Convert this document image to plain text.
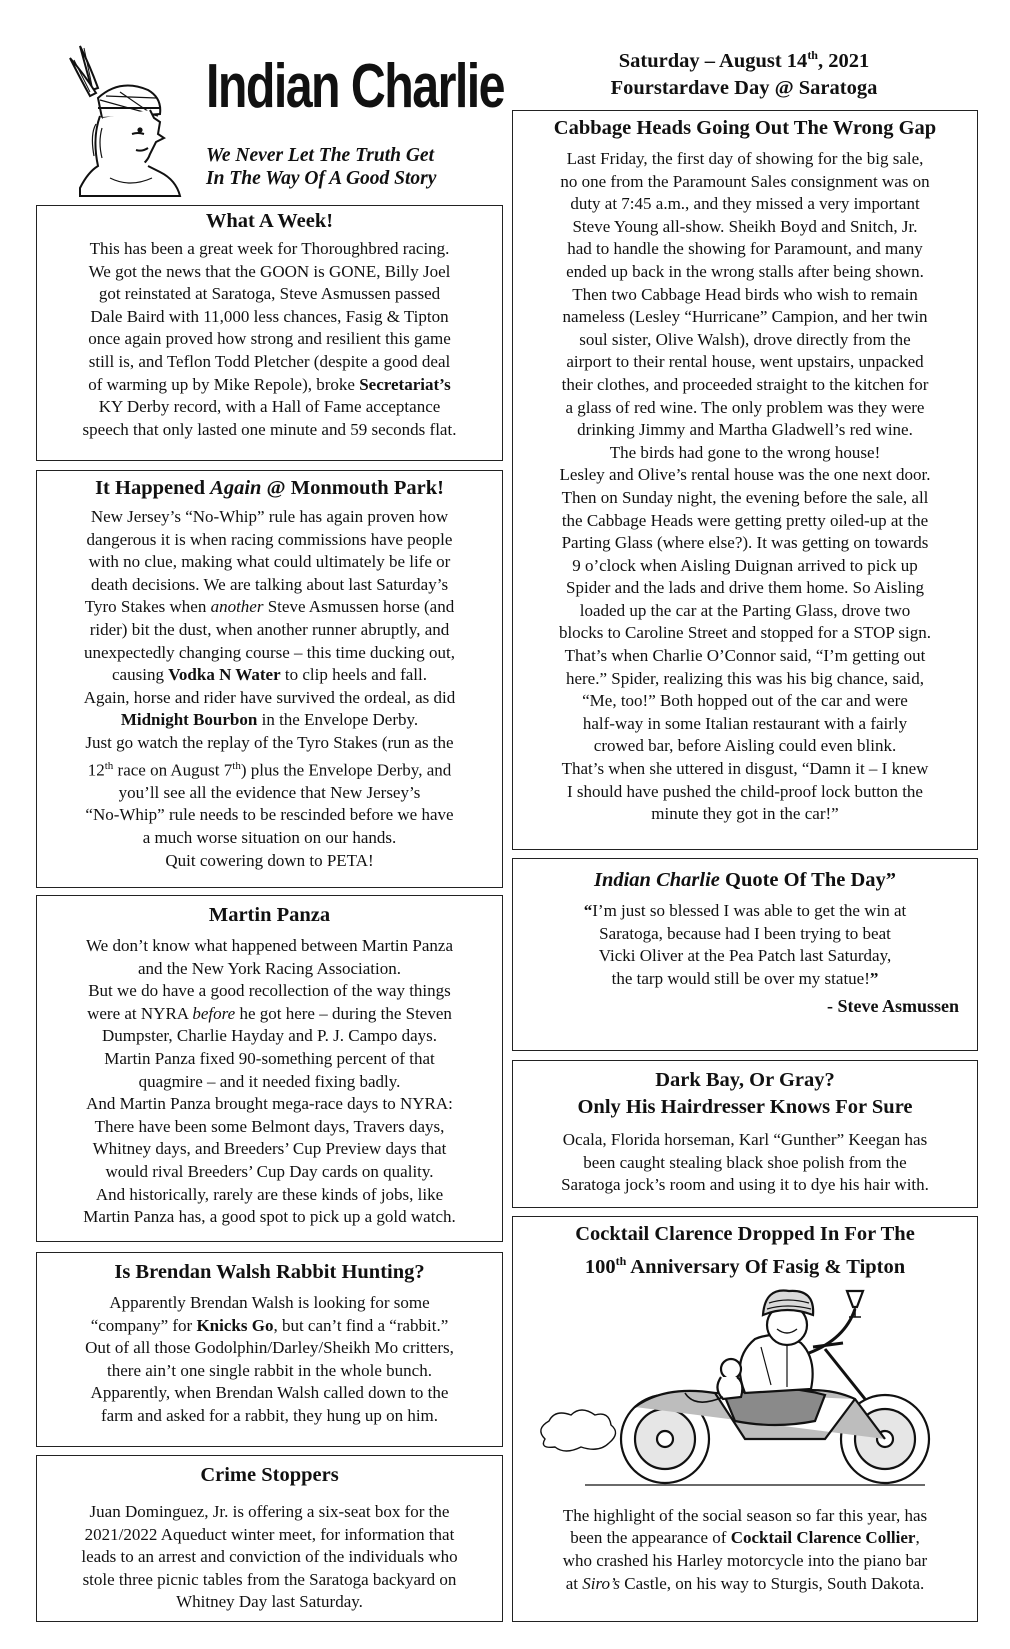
Indian Charlie
We Never Let The Truth Get
In The Way Of A Good Story
Saturday – August 14th, 2021
Fourstardave Day @ Saratoga
What A Week!

This has been a great week for Thoroughbred racing.
We got the news that the GOON is GONE, Billy Joel
got reinstated at Saratoga, Steve Asmussen passed
Dale Baird with 11,000 less chances, Fasig & Tipton
once again proved how strong and resilient this game
still is, and Teflon Todd Pletcher (despite a good deal
of warming up by Mike Repole), broke Secretariat’s
KY Derby record, with a Hall of Fame acceptance
speech that only lasted one minute and 59 seconds flat.

It Happened Again @ Monmouth Park!

New Jersey’s “No-Whip” rule has again proven how
dangerous it is when racing commissions have people
with no clue, making what could ultimately be life or
death decisions. We are talking about last Saturday’s
Tyro Stakes when another Steve Asmussen horse (and
rider) bit the dust, when another runner abruptly, and
unexpectedly changing course – this time ducking out,
causing Vodka N Water to clip heels and fall.
Again, horse and rider have survived the ordeal, as did
Midnight Bourbon in the Envelope Derby.
Just go watch the replay of the Tyro Stakes (run as the
12th race on August 7th) plus the Envelope Derby, and
you’ll see all the evidence that New Jersey’s
“No-Whip” rule needs to be rescinded before we have
a much worse situation on our hands.
Quit cowering down to PETA!

Martin Panza

We don’t know what happened between Martin Panza
and the New York Racing Association.
But we do have a good recollection of the way things
were at NYRA before he got here – during the Steven
Dumpster, Charlie Hayday and P. J. Campo days.
Martin Panza fixed 90-something percent of that
quagmire – and it needed fixing badly.
And Martin Panza brought mega-race days to NYRA:
There have been some Belmont days, Travers days,
Whitney days, and Breeders’ Cup Preview days that
would rival Breeders’ Cup Day cards on quality.
And historically, rarely are these kinds of jobs, like
Martin Panza has, a good spot to pick up a gold watch.

Is Brendan Walsh Rabbit Hunting?

Apparently Brendan Walsh is looking for some
“company” for Knicks Go, but can’t find a “rabbit.”
Out of all those Godolphin/Darley/Sheikh Mo critters,
there ain’t one single rabbit in the whole bunch.
Apparently, when Brendan Walsh called down to the
farm and asked for a rabbit, they hung up on him.

Crime Stoppers

Juan Dominguez, Jr. is offering a six-seat box for the
2021/2022 Aqueduct winter meet, for information that
leads to an arrest and conviction of the individuals who
stole three picnic tables from the Saratoga backyard on
Whitney Day last Saturday.

Cabbage Heads Going Out The Wrong Gap

Last Friday, the first day of showing for the big sale,
no one from the Paramount Sales consignment was on
duty at 7:45 a.m., and they missed a very important
Steve Young all-show. Sheikh Boyd and Snitch, Jr.
had to handle the showing for Paramount, and many
ended up back in the wrong stalls after being shown.
Then two Cabbage Head birds who wish to remain
nameless (Lesley “Hurricane” Campion, and her twin
soul sister, Olive Walsh), drove directly from the
airport to their rental house, went upstairs, unpacked
their clothes, and proceeded straight to the kitchen for
a glass of red wine. The only problem was they were
drinking Jimmy and Martha Gladwell’s red wine.
The birds had gone to the wrong house!
Lesley and Olive’s rental house was the one next door.
Then on Sunday night, the evening before the sale, all
the Cabbage Heads were getting pretty oiled-up at the
Parting Glass (where else?). It was getting on towards
9 o’clock when Aisling Duignan arrived to pick up
Spider and the lads and drive them home. So Aisling
loaded up the car at the Parting Glass, drove two
blocks to Caroline Street and stopped for a STOP sign.
That’s when Charlie O’Connor said, “I’m getting out
here.” Spider, realizing this was his big chance, said,
“Me, too!” Both hopped out of the car and were
half-way in some Italian restaurant with a fairly
crowed bar, before Aisling could even blink.
That’s when she uttered in disgust, “Damn it – I knew
I should have pushed the child-proof lock button the
minute they got in the car!”

Indian Charlie Quote Of The Day”

“I’m just so blessed I was able to get the win at
Saratoga, because had I been trying to beat
Vicki Oliver at the Pea Patch last Saturday,
the tarp would still be over my statue!”

- Steve Asmussen
Dark Bay, Or Gray?
Only His Hairdresser Knows For Sure

Ocala, Florida horseman, Karl “Gunther” Keegan has
been caught stealing black shoe polish from the
Saratoga jock’s room and using it to dye his hair with.

Cocktail Clarence Dropped In For The
100th Anniversary Of Fasig & Tipton

The highlight of the social season so far this year, has
been the appearance of Cocktail Clarence Collier,
who crashed his Harley motorcycle into the piano bar
at Siro’s Castle, on his way to Sturgis, South Dakota.
